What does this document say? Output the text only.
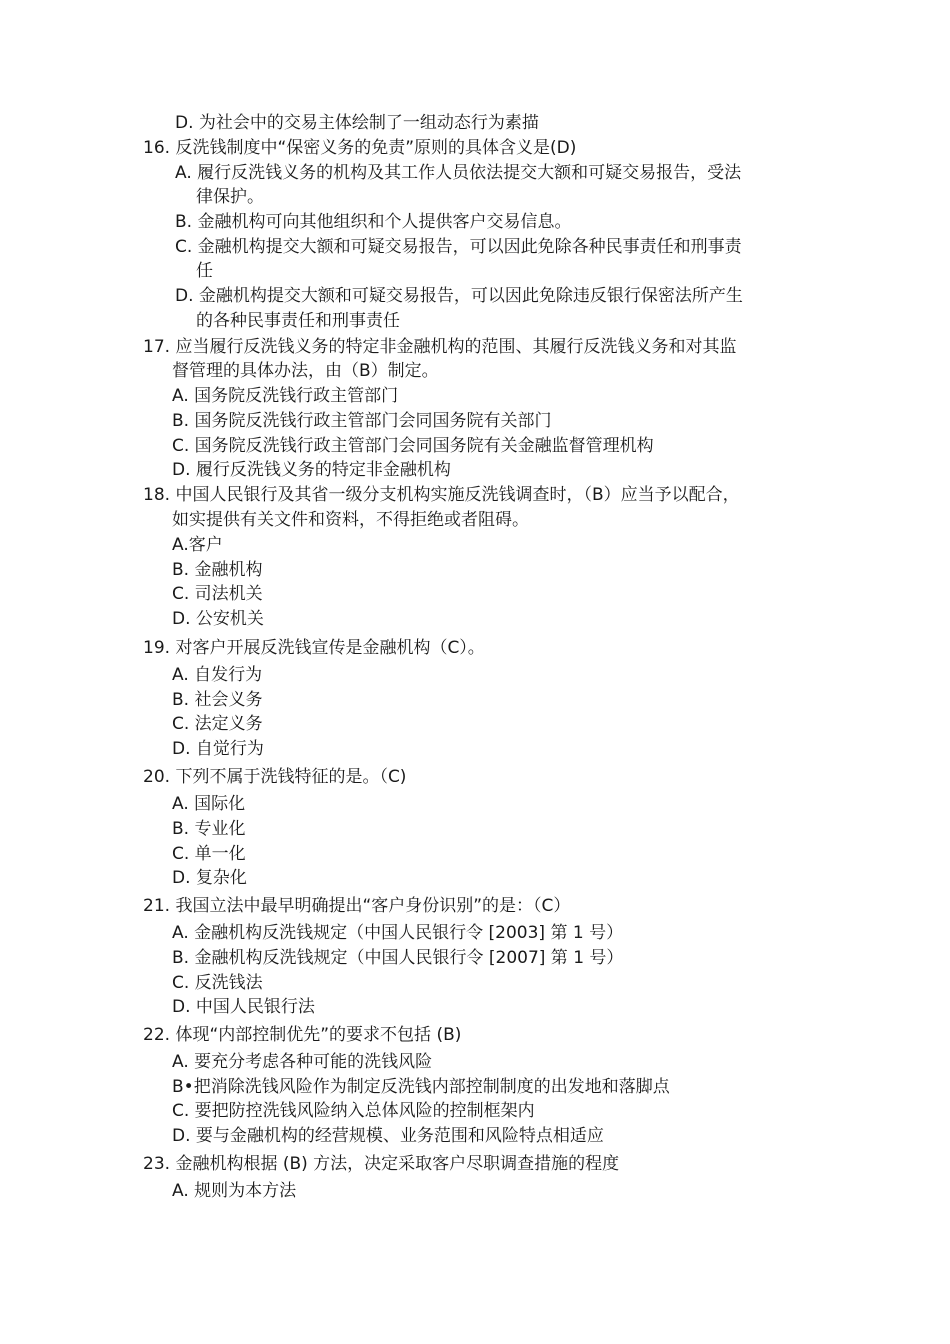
D. 为社会中的交易主体绘制了一组动态行为素描
16. 反洗钱制度中“保密义务的免责”原则的具体含义是(D)
A. 履行反洗钱义务的机构及其工作人员依法提交大额和可疑交易报告，受法
律保护。
B. 金融机构可向其他组织和个人提供客户交易信息。
C. 金融机构提交大额和可疑交易报告，可以因此免除各种民事责任和刑事责
任
D. 金融机构提交大额和可疑交易报告，可以因此免除违反银行保密法所产生
的各种民事责任和刑事责任
17. 应当履行反洗钱义务的特定非金融机构的范围、其履行反洗钱义务和对其监
督管理的具体办法，由（B）制定。
A. 国务院反洗钱行政主管部门
B. 国务院反洗钱行政主管部门会同国务院有关部门
C. 国务院反洗钱行政主管部门会同国务院有关金融监督管理机构
D. 履行反洗钱义务的特定非金融机构
18. 中国人民银行及其省一级分支机构实施反洗钱调查时，（B）应当予以配合，
如实提供有关文件和资料，不得拒绝或者阻碍。
A.客户
B. 金融机构
C. 司法机关
D. 公安机关
19. 对客户开展反洗钱宣传是金融机构（C）。
A. 自发行为
B. 社会义务
C. 法定义务
D. 自觉行为
20. 下列不属于洗钱特征的是。（C)
A. 国际化
B. 专业化
C. 单一化
D. 复杂化
21. 我国立法中最早明确提出“客户身份识别”的是：（C）
A. 金融机构反洗钱规定（中国人民银行令 [2003] 第 1 号）
B. 金融机构反洗钱规定（中国人民银行令 [2007] 第 1 号）
C. 反洗钱法
D. 中国人民银行法
22. 体现“内部控制优先”的要求不包括 (B)
A. 要充分考虑各种可能的洗钱风险
B•把消除洗钱风险作为制定反洗钱内部控制制度的出发地和落脚点
C. 要把防控洗钱风险纳入总体风险的控制框架内
D. 要与金融机构的经营规模、业务范围和风险特点相适应
23. 金融机构根据 (B) 方法，决定采取客户尽职调查措施的程度
A. 规则为本方法
